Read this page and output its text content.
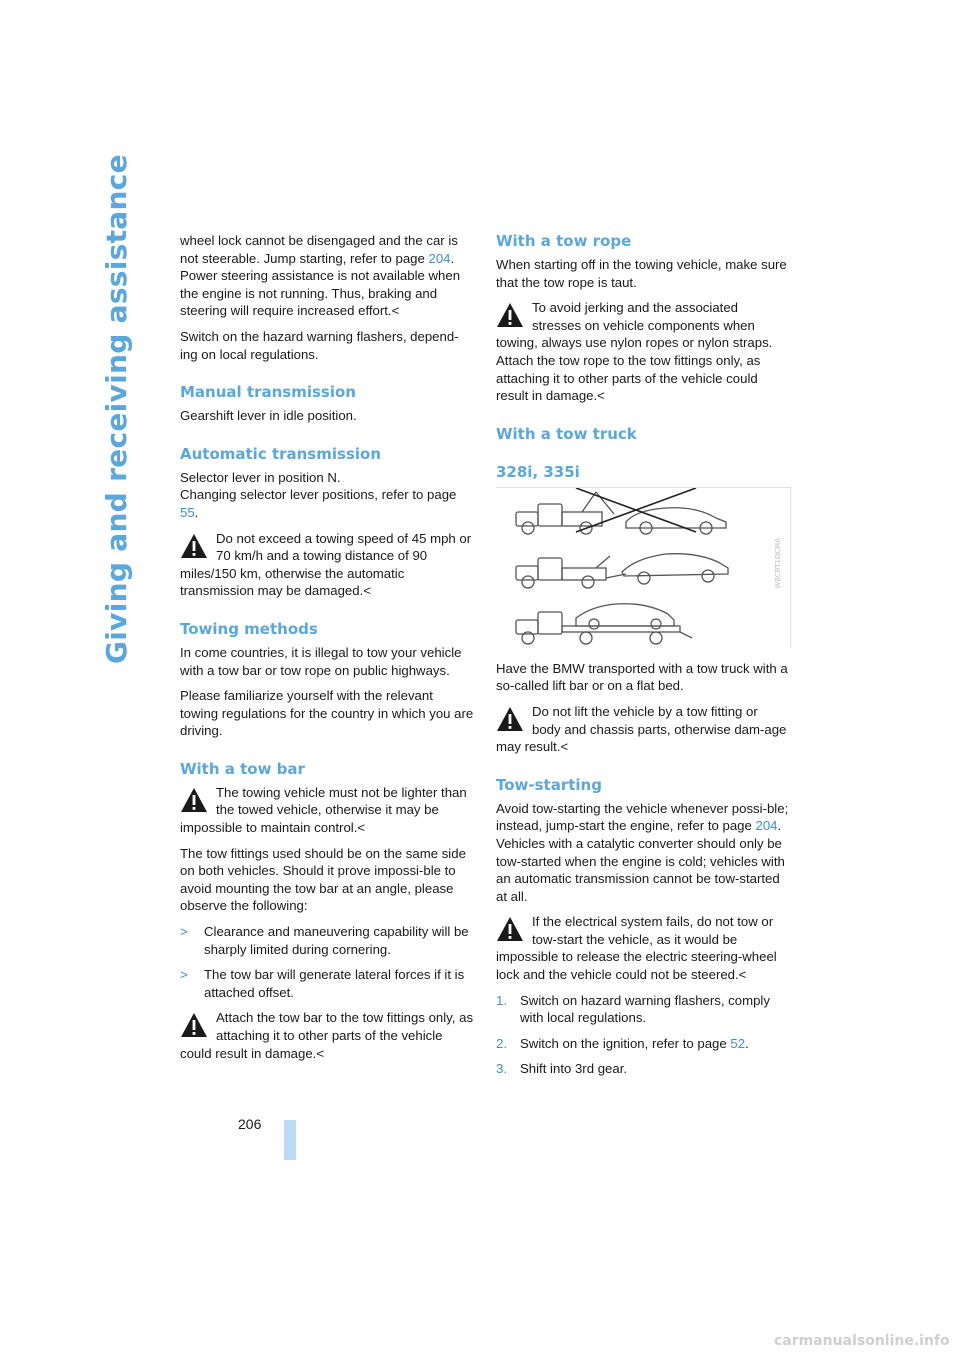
Giving and receiving assistance
206

wheel lock cannot be disengaged and the car is not steerable. Jump starting, refer to page 204. Power steering assistance is not available when the engine is not running. Thus, braking and steering will require increased effort.<

Switch on the hazard warning flashers, depend-ing on local regulations.

Manual transmission

Gearshift lever in idle position.

Automatic transmission

Selector lever in position N.
Changing selector lever positions, refer to page 55.

Do not exceed a towing speed of 45 mph or 70 km/h and a towing distance of 90 miles/150 km, otherwise the automatic transmission may be damaged.<
Towing methods

In come countries, it is illegal to tow your vehicle with a tow bar or tow rope on public highways.

Please familiarize yourself with the relevant towing regulations for the country in which you are driving.

With a tow bar
The towing vehicle must not be lighter than the towed vehicle, otherwise it may be impossible to maintain control.<

The tow fittings used should be on the same side on both vehicles. Should it prove impossi-ble to avoid mounting the tow bar at an angle, please observe the following:

>	Clearance and maneuvering capability will be sharply limited during cornering.
>	The tow bar will generate lateral forces if it is attached offset.
Attach the tow bar to the tow fittings only, as attaching it to other parts of the vehicle could result in damage.<
With a tow rope

When starting off in the towing vehicle, make sure that the tow rope is taut.

To avoid jerking and the associated stresses on vehicle components when towing, always use nylon ropes or nylon straps. Attach the tow rope to the tow fittings only, as attaching it to other parts of the vehicle could result in damage.<
With a tow truck
328i, 335i
W8CRT1DCMA

Have the BMW transported with a tow truck with a so-called lift bar or on a flat bed.

Do not lift the vehicle by a tow fitting or body and chassis parts, otherwise dam-age may result.<
Tow-starting

Avoid tow-starting the vehicle whenever possi-ble; instead, jump-start the engine, refer to page 204. Vehicles with a catalytic converter should only be tow-started when the engine is cold; vehicles with an automatic transmission cannot be tow-started at all.

If the electrical system fails, do not tow or tow-start the vehicle, as it would be impossible to release the electric steering-wheel lock and the vehicle could not be steered.<
1. Switch on hazard warning flashers, comply with local regulations.
2. Switch on the ignition, refer to page 52.
3. Shift into 3rd gear.
carmanualsonline.info
